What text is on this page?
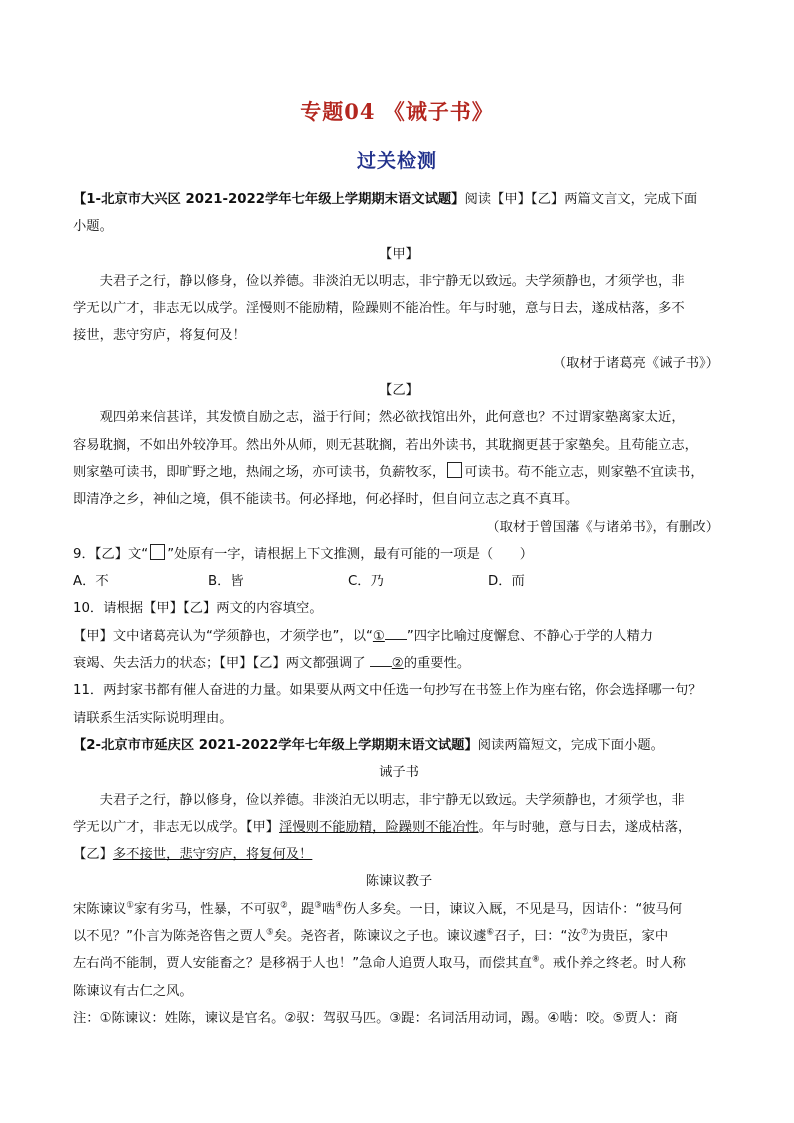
专题04 《诫子书》
过关检测

【1-北京市大兴区 2021-2022学年七年级上学期期末语文试题】阅读【甲】【乙】两篇文言文，完成下面

小题。

【甲】

夫君子之行，静以修身，俭以养德。非淡泊无以明志，非宁静无以致远。夫学须静也，才须学也，非

学无以广才，非志无以成学。淫慢则不能励精，险躁则不能冶性。年与时驰，意与日去，遂成枯落，多不

接世，悲守穷庐，将复何及！

（取材于诸葛亮《诫子书》）

【乙】

观四弟来信甚详，其发愤自励之志，溢于行间；然必欲找馆出外，此何意也？不过谓家塾离家太近，

容易耽搁，不如出外较净耳。然出外从师，则无甚耽搁，若出外读书，其耽搁更甚于家塾矣。且苟能立志，

则家塾可读书，即旷野之地，热闹之场，亦可读书，负薪牧豕， 可读书。苟不能立志，则家塾不宜读书，

即清净之乡，神仙之境，俱不能读书。何必择地，何必择时，但自问立志之真不真耳。

（取材于曾国藩《与诸弟书》，有删改）

9．【乙】文“ ”处原有一字，请根据上下文推测，最有可能的一项是（　　）

A．不	B．皆	C．乃	D．而

10．请根据【甲】【乙】两文的内容填空。

【甲】文中诸葛亮认为“学须静也，才须学也”，以“① ”四字比喻过度懈怠、不静心于学的人精力

衰竭、失去活力的状态；【甲】【乙】两文都强调了 ②的重要性。

11．两封家书都有催人奋进的力量。如果要从两文中任选一句抄写在书签上作为座右铭，你会选择哪一句？

请联系生活实际说明理由。

【2-北京市市延庆区 2021-2022学年七年级上学期期末语文试题】阅读两篇短文，完成下面小题。

诫子书

夫君子之行，静以修身，俭以养德。非淡泊无以明志，非宁静无以致远。夫学须静也，才须学也，非

学无以广才，非志无以成学。【甲】淫慢则不能励精，险躁则不能冶性。年与时驰，意与日去，遂成枯落，

【乙】多不接世，悲守穷庐，将复何及！

陈谏议教子

宋陈谏议①家有劣马，性暴，不可驭②，踶③啮④伤人多矣。一日，谏议入厩，不见是马，因诘仆：“彼马何

以不见？”仆言为陈尧咨售之贾人⑤矣。尧咨者，陈谏议之子也。谏议遽⑥召子，曰：“汝⑦为贵臣，家中

左右尚不能制，贾人安能畜之？是移祸于人也！”急命人追贾人取马，而偿其直⑧。戒仆养之终老。时人称

陈谏议有古仁之风。

注：①陈谏议：姓陈，谏议是官名。②驭：驾驭马匹。③踶：名词活用动词，踢。④啮：咬。⑤贾人：商
